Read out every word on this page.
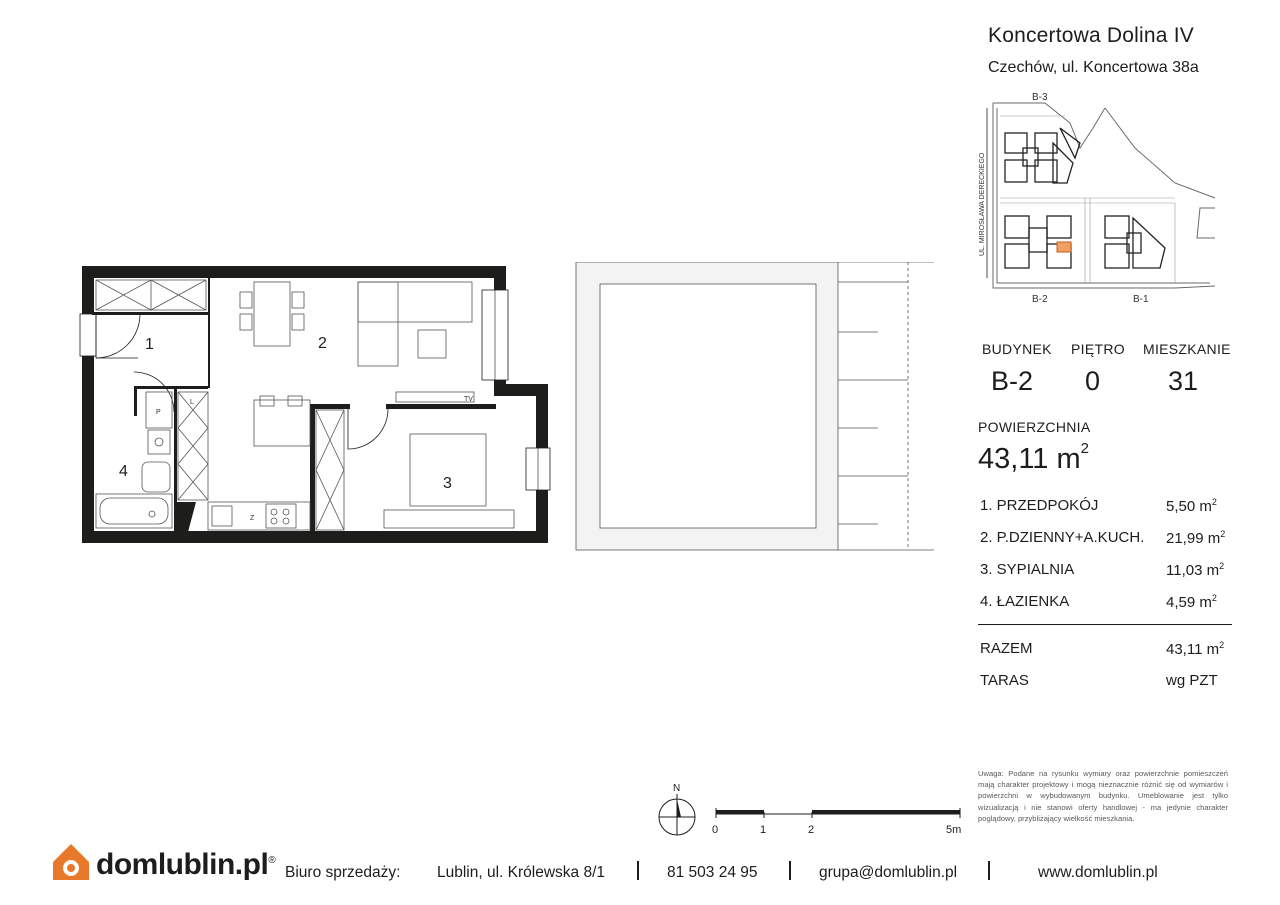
Koncertowa Dolina IV
Czechów, ul. Koncertowa 38a
B-3
B-2	B-1
UL. MIROSŁAWA DERECKIEGO
BUDYNEK PIĘTRO MIESZKANIE
B-2 0	31
POWIERZCHNIA
43,11 $m^2$
1. PRZEDPOKÓJ	5,50 $m^2$
2. P.DZIENNY+A.KUCH. 21,99 $m^2$
3. SYPIALNIA	11,03 $m^2$
4. ŁAZIENKA	4,59 $m^2$
RAZEM	43,11 $m^2$
TARAS	wg PZT
Uwaga: Podane na rysunku wymiary oraz powierzchnie pomieszczeń mają charakter projektowy i mogą nieznacznie różnić się od wymiarów i powierzchni w wybudowanym budynku. Umeblowanie jest tylko wizualizacją i nie stanowi oferty handlowej - ma jedynie charakter poglądowy, przybliżający wielkość mieszkania.
TV
L
P
Z
1	2
3
4
N
0	1	2	5m
domlublin.pl®
Biuro sprzedaży: Lublin, ul. Królewska 8/1	81 503 24 95	grupa@domlublin.pl	www.domlublin.pl
